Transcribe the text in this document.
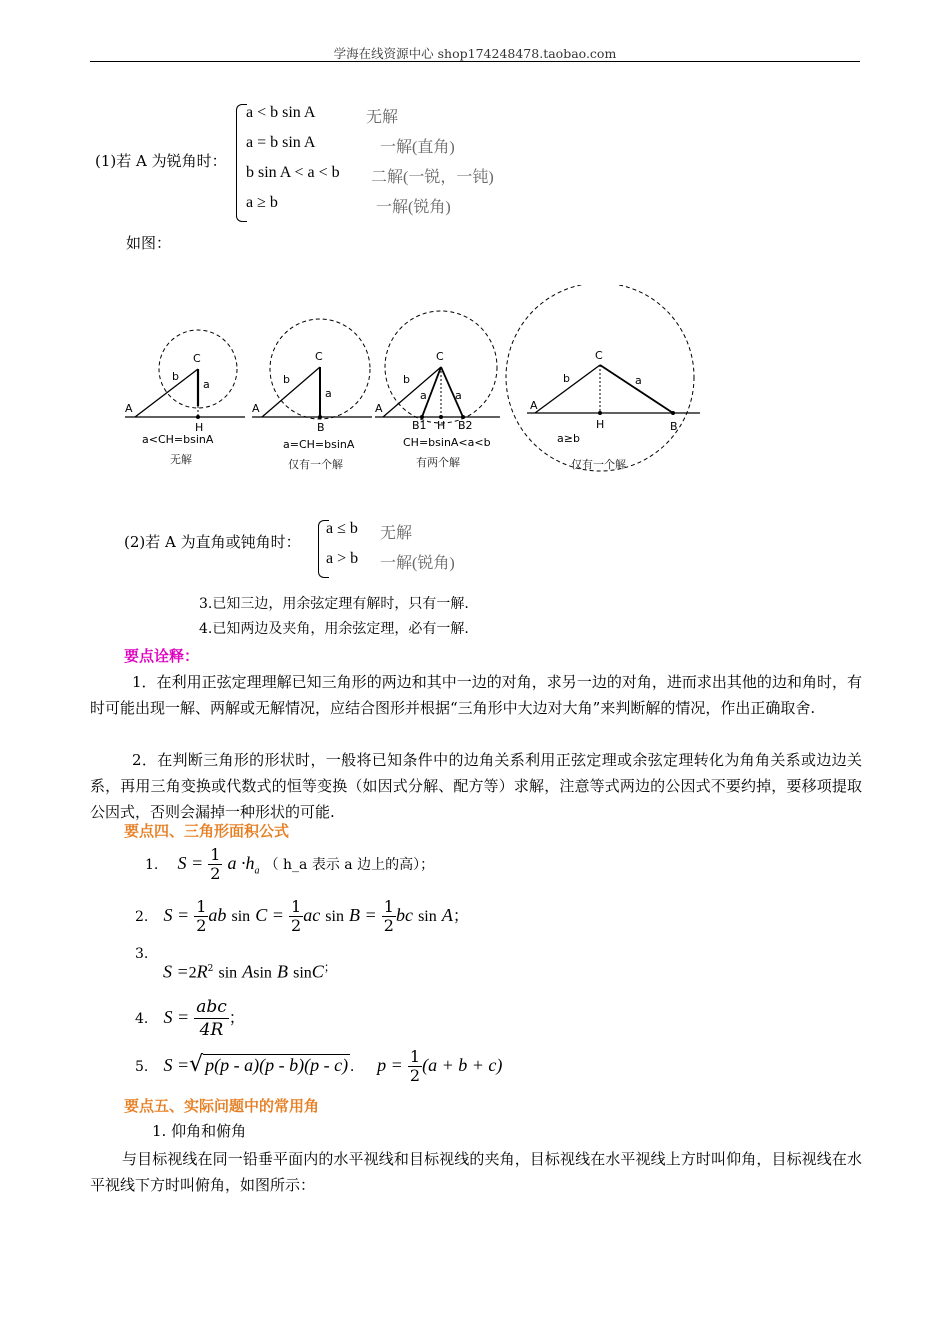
学海在线资源中心 shop174248478.taobao.com
(1)若 A 为锐角时：
a < b sin A	无解
a = b sin A	一解(直角)
b sin A < a < b 二解(一锐，一钝)
a ≥ b	一解(锐角)
如图：
C
b
a
A
H
C
b
a
A
B
C
b
a	a
A
B1 H B2
C
b	a
A
H	B
a<CH=bsinA	a=CH=bsinA	CH=bsinA<a<b	a≥b
无解	仅有一个解	有两个解	仅有一个解
(2)若 A 为直角或钝角时：
a ≤ b 无解
a > b 一解(锐角)
3.已知三边，用余弦定理有解时，只有一解.
4.已知两边及夹角，用余弦定理，必有一解.
要点诠释：
1．在利用正弦定理理解已知三角形的两边和其中一边的对角，求另一边的对角，进而求出其他的边和角时，有时可能出现一解、两解或无解情况，应结合图形并根据“三角形中大边对大角”来判断解的情况，作出正确取舍.
2．在判断三角形的形状时，一般将已知条件中的边角关系利用正弦定理或余弦定理转化为角角关系或边边关系，再用三角变换或代数式的恒等变换（如因式分解、配方等）求解，注意等式两边的公因式不要约掉，要移项提取公因式，否则会漏掉一种形状的可能.
要点四、三角形面积公式
1. $S = \frac{1}{2}$ $a \cdot h_a$ （ h_a 表示 a 边上的高）；
2. $S = \frac{1}{2}$ ab $\sin C = \frac{1}{2}$ ac $\sin B = \frac{1}{2}$ bc sin A；
3.
$S =2R^2$ sin Asin B sinC；
4. $S = \frac{\text{abc}}{4R}$ ；
5. S =√ p(p - a)(p - b)(p - c) . $p = \frac{1}{2} (a + b + c)$
要点五、实际问题中的常用角
1. 仰角和俯角
与目标视线在同一铅垂平面内的水平视线和目标视线的夹角，目标视线在水平视线上方时叫仰角，目标视线在水平视线下方时叫俯角，如图所示：
